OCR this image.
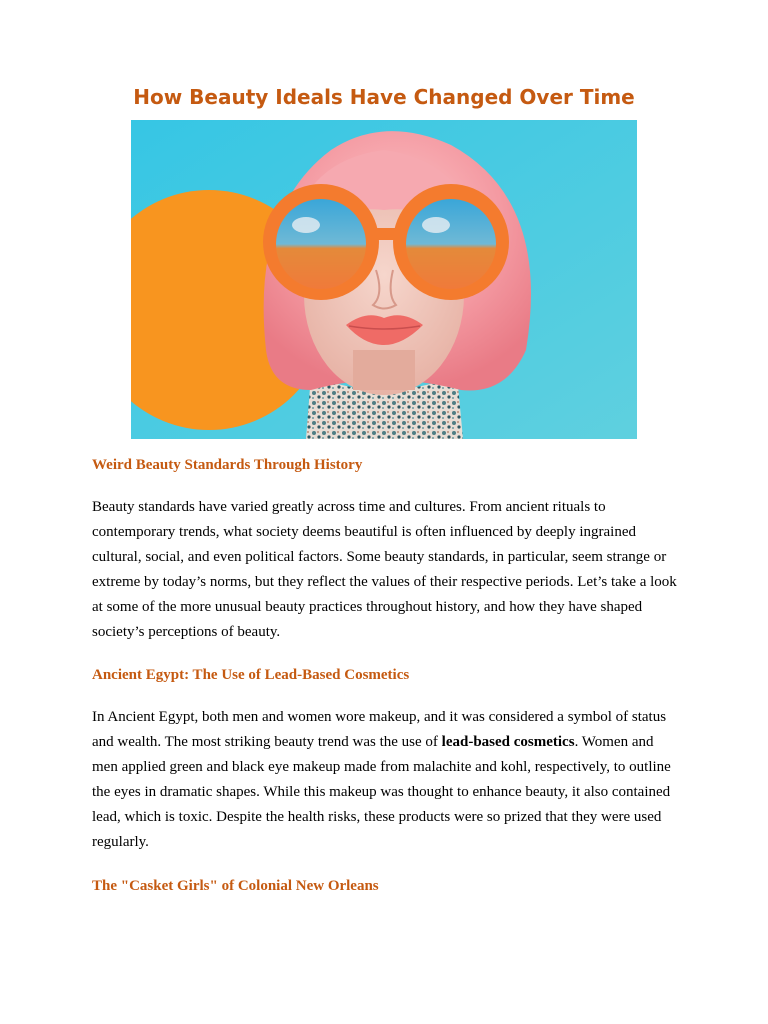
How Beauty Ideals Have Changed Over Time
Weird Beauty Standards Through History

Beauty standards have varied greatly across time and cultures. From ancient rituals to contemporary trends, what society deems beautiful is often influenced by deeply ingrained cultural, social, and even political factors. Some beauty standards, in particular, seem strange or extreme by today’s norms, but they reflect the values of their respective periods. Let’s take a look at some of the more unusual beauty practices throughout history, and how they have shaped society’s perceptions of beauty.

Ancient Egypt: The Use of Lead-Based Cosmetics

In Ancient Egypt, both men and women wore makeup, and it was considered a symbol of status and wealth. The most striking beauty trend was the use of lead-based cosmetics. Women and men applied green and black eye makeup made from malachite and kohl, respectively, to outline the eyes in dramatic shapes. While this makeup was thought to enhance beauty, it also contained lead, which is toxic. Despite the health risks, these products were so prized that they were used regularly.

The "Casket Girls" of Colonial New Orleans
